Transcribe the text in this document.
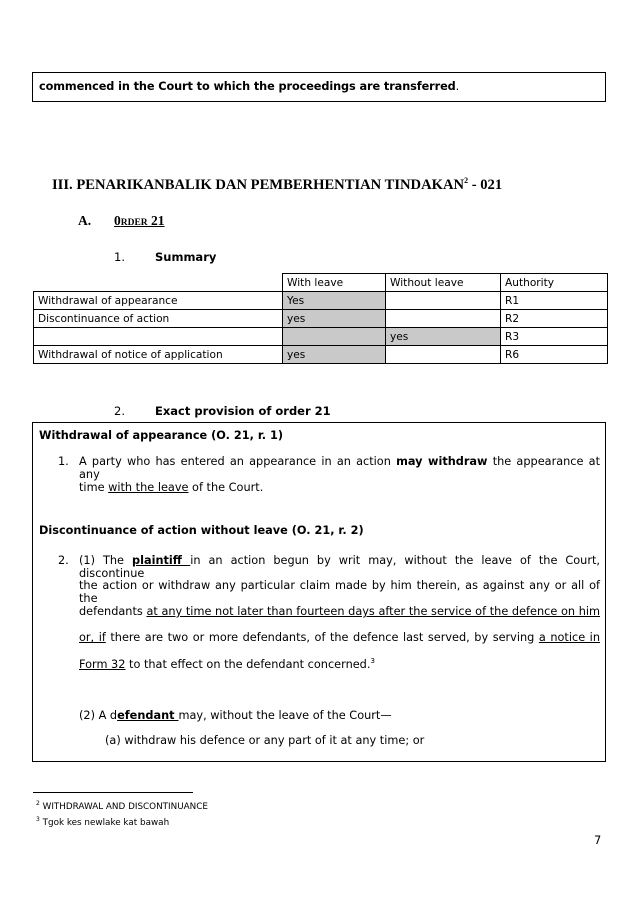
commenced in the Court to which the proceedings are transferred.
III. PENARIKANBALIK DAN PEMBERHENTIAN TINDAKAN$^2$ - 021
A. 0RDER 21
1.	Summary
	With leave	Without leave	Authority
Withdrawal of appearance	Yes		R1
Discontinuance of action	yes		R2
		yes	R3
Withdrawal of notice of application	yes		R6
2.	Exact provision of order 21
Withdrawal of appearance (O. 21, r. 1)
1. A party who has entered an appearance in an action may withdraw the appearance at any
time with the leave of the Court.
Discontinuance of action without leave (O. 21, r. 2)
2. (1) The plaintiff in an action begun by writ may, without the leave of the Court, discontinue
the action or withdraw any particular claim made by him therein, as against any or all of the
defendants at any time not later than fourteen days after the service of the defence on him
or, if there are two or more defendants, of the defence last served, by serving a notice in
Form 32 to that effect on the defendant concerned.$^3$
(2) A defendant may, without the leave of the Court—
(a) withdraw his defence or any part of it at any time; or
$^2$ WITHDRAWAL AND DISCONTINUANCE
$^3$ Tgok kes newlake kat bawah
7
